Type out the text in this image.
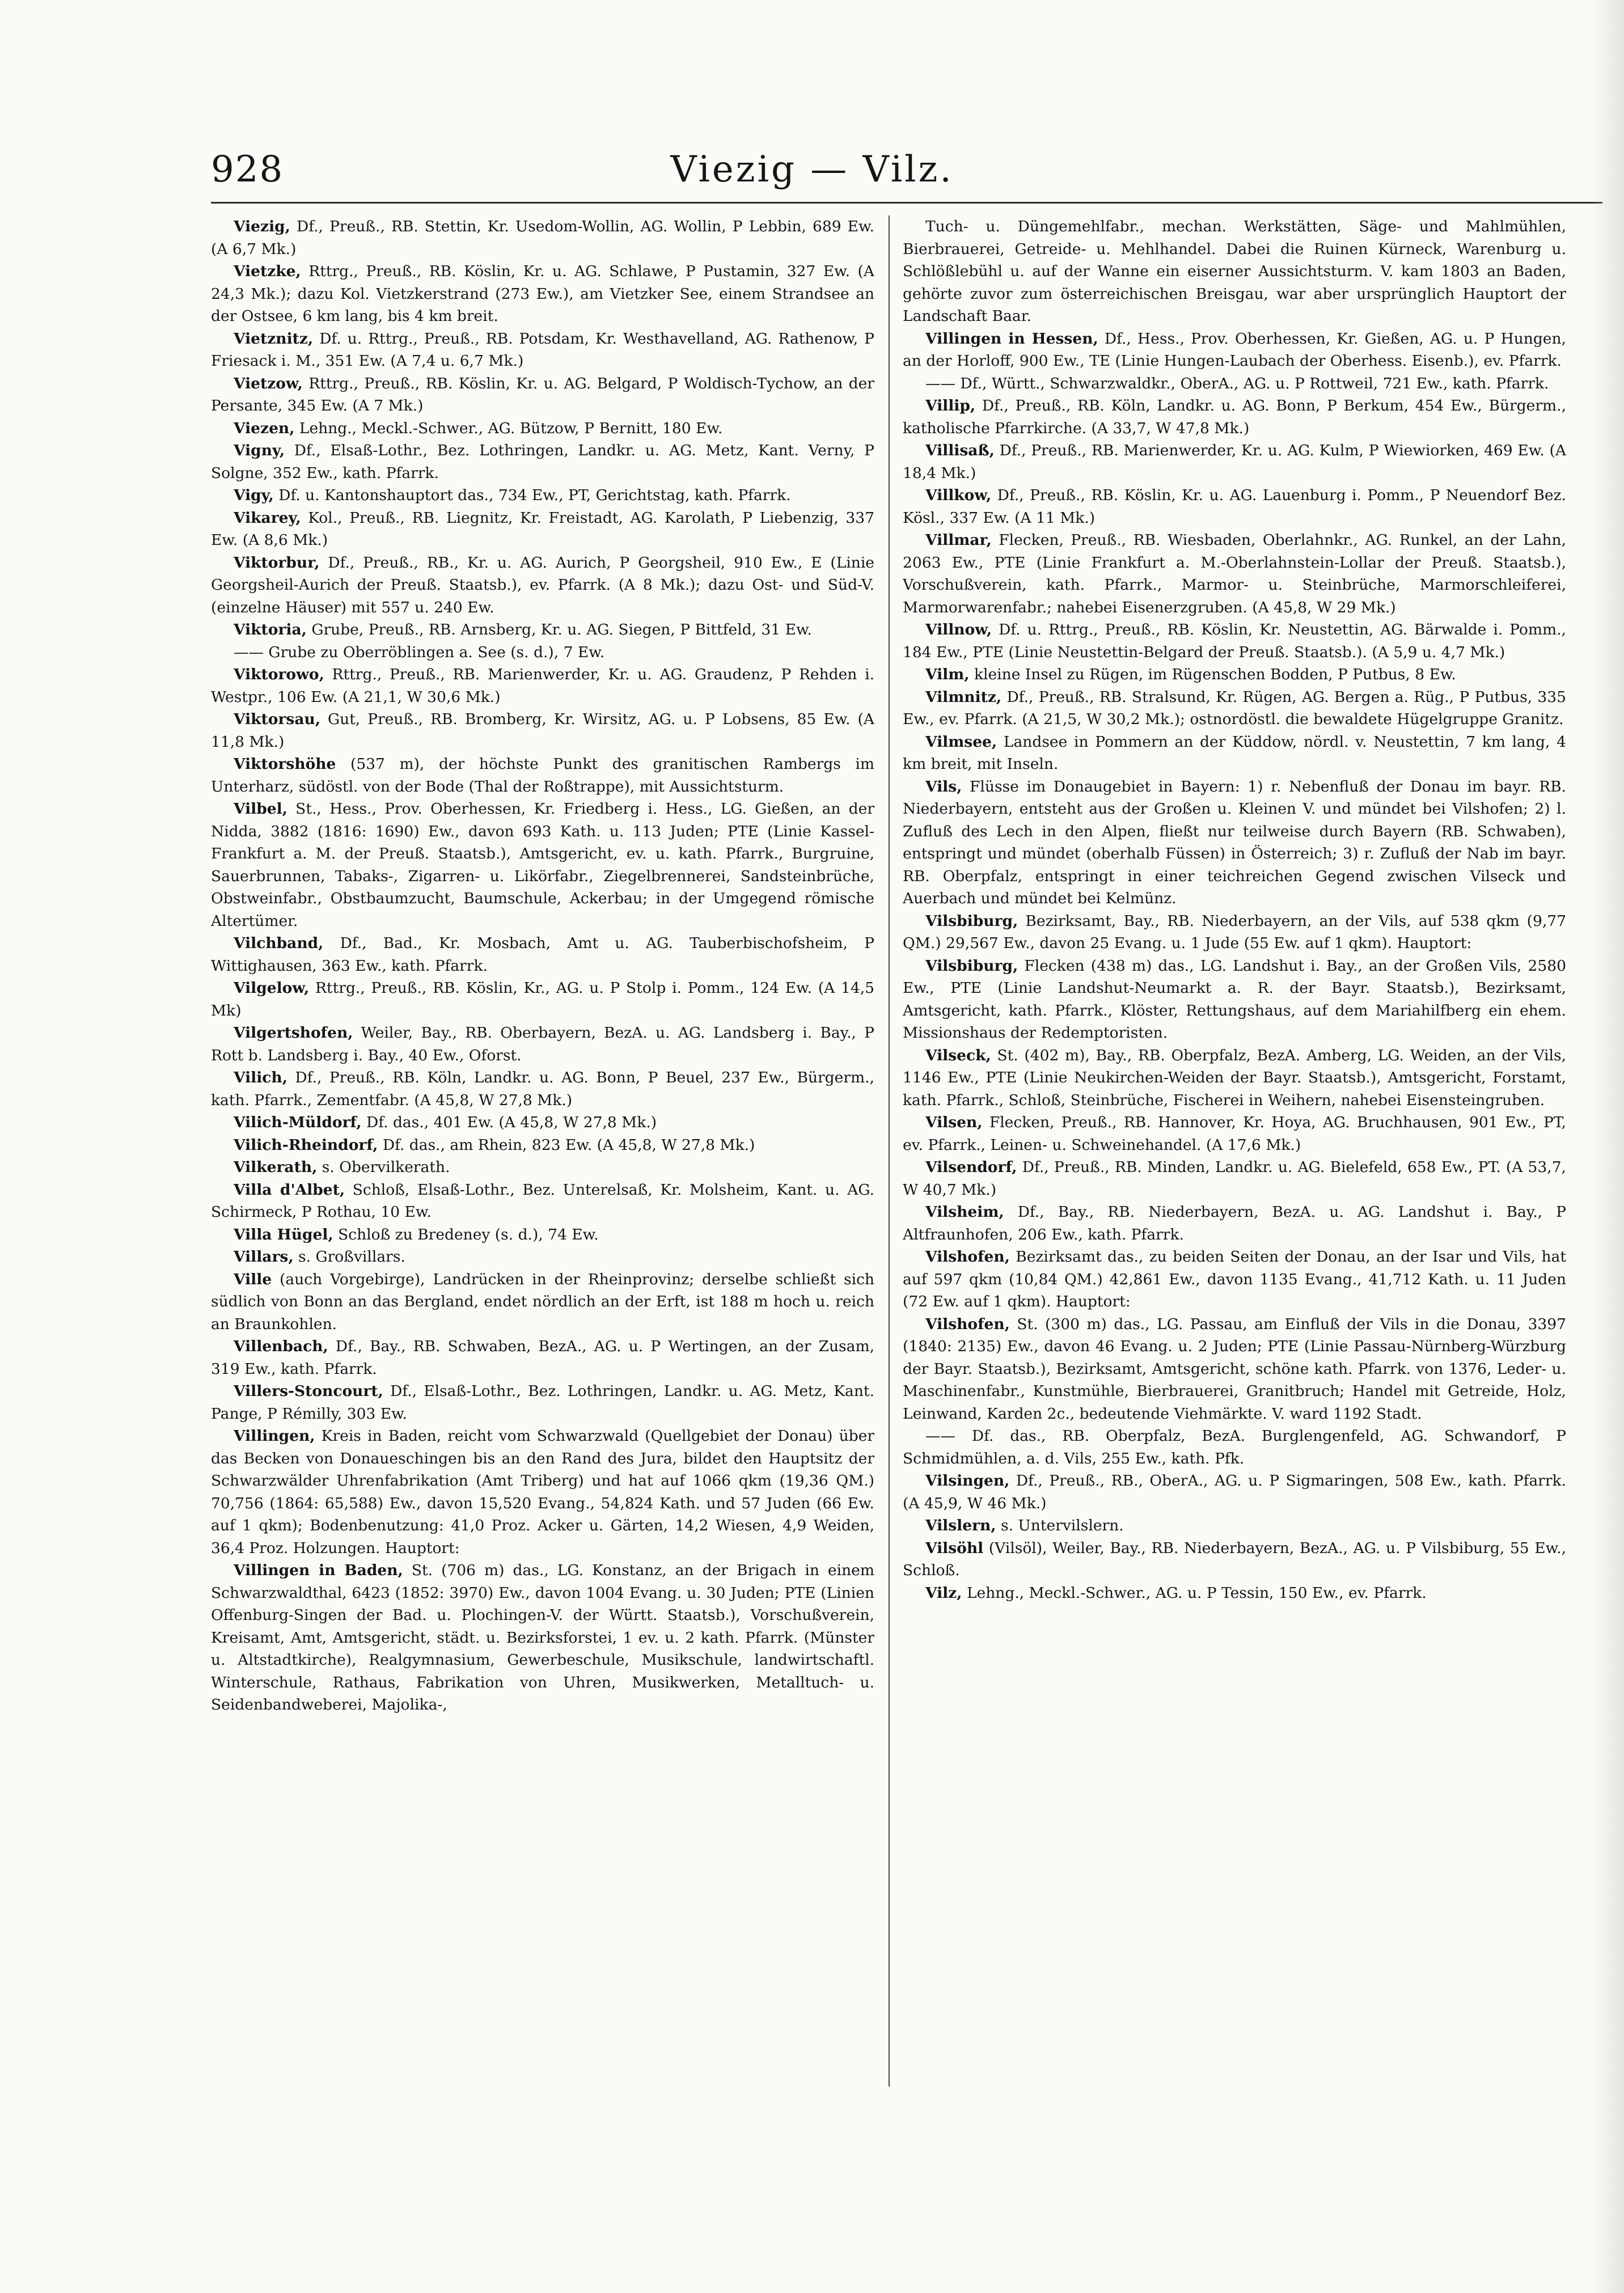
928	Viezig — Vilz.

Viezig, Df., Preuß., RB. Stettin, Kr. Usedom-Wollin, AG. Wollin, P Lebbin, 689 Ew. (A 6,7 Mk.)

Vietzke, Rttrg., Preuß., RB. Köslin, Kr. u. AG. Schlawe, P Pustamin, 327 Ew. (A 24,3 Mk.); dazu Kol. Vietzkerstrand (273 Ew.), am Vietzker See, einem Strandsee an der Ostsee, 6 km lang, bis 4 km breit.

Vietznitz, Df. u. Rttrg., Preuß., RB. Potsdam, Kr. Westhavelland, AG. Rathenow, P Friesack i. M., 351 Ew. (A 7,4 u. 6,7 Mk.)

Vietzow, Rttrg., Preuß., RB. Köslin, Kr. u. AG. Belgard, P Woldisch-Tychow, an der Persante, 345 Ew. (A 7 Mk.)

Viezen, Lehng., Meckl.-Schwer., AG. Bützow, P Bernitt, 180 Ew.

Vigny, Df., Elsaß-Lothr., Bez. Lothringen, Landkr. u. AG. Metz, Kant. Verny, P Solgne, 352 Ew., kath. Pfarrk.

Vigy, Df. u. Kantonshauptort das., 734 Ew., PT, Gerichtstag, kath. Pfarrk.

Vikarey, Kol., Preuß., RB. Liegnitz, Kr. Freistadt, AG. Karolath, P Liebenzig, 337 Ew. (A 8,6 Mk.)

Viktorbur, Df., Preuß., RB., Kr. u. AG. Aurich, P Georgsheil, 910 Ew., E (Linie Georgsheil-Aurich der Preuß. Staatsb.), ev. Pfarrk. (A 8 Mk.); dazu Ost- und Süd-V. (einzelne Häuser) mit 557 u. 240 Ew.

Viktoria, Grube, Preuß., RB. Arnsberg, Kr. u. AG. Siegen, P Bittfeld, 31 Ew.

—— Grube zu Oberröblingen a. See (s. d.), 7 Ew.

Viktorowo, Rttrg., Preuß., RB. Marienwerder, Kr. u. AG. Graudenz, P Rehden i. Westpr., 106 Ew. (A 21,1, W 30,6 Mk.)

Viktorsau, Gut, Preuß., RB. Bromberg, Kr. Wirsitz, AG. u. P Lobsens, 85 Ew. (A 11,8 Mk.)

Viktorshöhe (537 m), der höchste Punkt des granitischen Rambergs im Unterharz, südöstl. von der Bode (Thal der Roßtrappe), mit Aussichtsturm.

Vilbel, St., Hess., Prov. Oberhessen, Kr. Friedberg i. Hess., LG. Gießen, an der Nidda, 3882 (1816: 1690) Ew., davon 693 Kath. u. 113 Juden; PTE (Linie Kassel-Frankfurt a. M. der Preuß. Staatsb.), Amtsgericht, ev. u. kath. Pfarrk., Burgruine, Sauerbrunnen, Tabaks-, Zigarren- u. Likörfabr., Ziegelbrennerei, Sandsteinbrüche, Obstweinfabr., Obstbaumzucht, Baumschule, Ackerbau; in der Umgegend römische Altertümer.

Vilchband, Df., Bad., Kr. Mosbach, Amt u. AG. Tauberbischofsheim, P Wittighausen, 363 Ew., kath. Pfarrk.

Vilgelow, Rttrg., Preuß., RB. Köslin, Kr., AG. u. P Stolp i. Pomm., 124 Ew. (A 14,5 Mk)

Vilgertshofen, Weiler, Bay., RB. Oberbayern, BezA. u. AG. Landsberg i. Bay., P Rott b. Landsberg i. Bay., 40 Ew., Oforst.

Vilich, Df., Preuß., RB. Köln, Landkr. u. AG. Bonn, P Beuel, 237 Ew., Bürgerm., kath. Pfarrk., Zementfabr. (A 45,8, W 27,8 Mk.)

Vilich-Müldorf, Df. das., 401 Ew. (A 45,8, W 27,8 Mk.)

Vilich-Rheindorf, Df. das., am Rhein, 823 Ew. (A 45,8, W 27,8 Mk.)

Vilkerath, s. Obervilkerath.

Villa d'Albet, Schloß, Elsaß-Lothr., Bez. Unterelsaß, Kr. Molsheim, Kant. u. AG. Schirmeck, P Rothau, 10 Ew.

Villa Hügel, Schloß zu Bredeney (s. d.), 74 Ew.

Villars, s. Großvillars.

Ville (auch Vorgebirge), Landrücken in der Rheinprovinz; derselbe schließt sich südlich von Bonn an das Bergland, endet nördlich an der Erft, ist 188 m hoch u. reich an Braunkohlen.

Villenbach, Df., Bay., RB. Schwaben, BezA., AG. u. P Wertingen, an der Zusam, 319 Ew., kath. Pfarrk.

Villers-Stoncourt, Df., Elsaß-Lothr., Bez. Lothringen, Landkr. u. AG. Metz, Kant. Pange, P Rémilly, 303 Ew.

Villingen, Kreis in Baden, reicht vom Schwarzwald (Quellgebiet der Donau) über das Becken von Donaueschingen bis an den Rand des Jura, bildet den Hauptsitz der Schwarzwälder Uhrenfabrikation (Amt Triberg) und hat auf 1066 qkm (19,36 QM.) 70,756 (1864: 65,588) Ew., davon 15,520 Evang., 54,824 Kath. und 57 Juden (66 Ew. auf 1 qkm); Bodenbenutzung: 41,0 Proz. Acker u. Gärten, 14,2 Wiesen, 4,9 Weiden, 36,4 Proz. Holzungen. Hauptort:

Villingen in Baden, St. (706 m) das., LG. Konstanz, an der Brigach in einem Schwarzwaldthal, 6423 (1852: 3970) Ew., davon 1004 Evang. u. 30 Juden; PTE (Linien Offenburg-Singen der Bad. u. Plochingen-V. der Württ. Staatsb.), Vorschußverein, Kreisamt, Amt, Amtsgericht, städt. u. Bezirksforstei, 1 ev. u. 2 kath. Pfarrk. (Münster u. Altstadtkirche), Realgymnasium, Gewerbeschule, Musikschule, landwirtschaftl. Winterschule, Rathaus, Fabrikation von Uhren, Musikwerken, Metalltuch- u. Seidenbandweberei, Majolika-,

Tuch- u. Düngemehlfabr., mechan. Werkstätten, Säge- und Mahlmühlen, Bierbrauerei, Getreide- u. Mehlhandel. Dabei die Ruinen Kürneck, Warenburg u. Schlößlebühl u. auf der Wanne ein eiserner Aussichtsturm. V. kam 1803 an Baden, gehörte zuvor zum österreichischen Breisgau, war aber ursprünglich Hauptort der Landschaft Baar.

Villingen in Hessen, Df., Hess., Prov. Oberhessen, Kr. Gießen, AG. u. P Hungen, an der Horloff, 900 Ew., TE (Linie Hungen-Laubach der Oberhess. Eisenb.), ev. Pfarrk.

—— Df., Württ., Schwarzwaldkr., OberA., AG. u. P Rottweil, 721 Ew., kath. Pfarrk.

Villip, Df., Preuß., RB. Köln, Landkr. u. AG. Bonn, P Berkum, 454 Ew., Bürgerm., katholische Pfarrkirche. (A 33,7, W 47,8 Mk.)

Villisaß, Df., Preuß., RB. Marienwerder, Kr. u. AG. Kulm, P Wiewiorken, 469 Ew. (A 18,4 Mk.)

Villkow, Df., Preuß., RB. Köslin, Kr. u. AG. Lauenburg i. Pomm., P Neuendorf Bez. Kösl., 337 Ew. (A 11 Mk.)

Villmar, Flecken, Preuß., RB. Wiesbaden, Oberlahnkr., AG. Runkel, an der Lahn, 2063 Ew., PTE (Linie Frankfurt a. M.-Oberlahnstein-Lollar der Preuß. Staatsb.), Vorschußverein, kath. Pfarrk., Marmor- u. Steinbrüche, Marmorschleiferei, Marmorwarenfabr.; nahebei Eisenerzgruben. (A 45,8, W 29 Mk.)

Villnow, Df. u. Rttrg., Preuß., RB. Köslin, Kr. Neustettin, AG. Bärwalde i. Pomm., 184 Ew., PTE (Linie Neustettin-Belgard der Preuß. Staatsb.). (A 5,9 u. 4,7 Mk.)

Vilm, kleine Insel zu Rügen, im Rügenschen Bodden, P Putbus, 8 Ew.

Vilmnitz, Df., Preuß., RB. Stralsund, Kr. Rügen, AG. Bergen a. Rüg., P Putbus, 335 Ew., ev. Pfarrk. (A 21,5, W 30,2 Mk.); ostnordöstl. die bewaldete Hügelgruppe Granitz.

Vilmsee, Landsee in Pommern an der Küddow, nördl. v. Neustettin, 7 km lang, 4 km breit, mit Inseln.

Vils, Flüsse im Donaugebiet in Bayern: 1) r. Nebenfluß der Donau im bayr. RB. Niederbayern, entsteht aus der Großen u. Kleinen V. und mündet bei Vilshofen; 2) l. Zufluß des Lech in den Alpen, fließt nur teilweise durch Bayern (RB. Schwaben), entspringt und mündet (oberhalb Füssen) in Österreich; 3) r. Zufluß der Nab im bayr. RB. Oberpfalz, entspringt in einer teichreichen Gegend zwischen Vilseck und Auerbach und mündet bei Kelmünz.

Vilsbiburg, Bezirksamt, Bay., RB. Niederbayern, an der Vils, auf 538 qkm (9,77 QM.) 29,567 Ew., davon 25 Evang. u. 1 Jude (55 Ew. auf 1 qkm). Hauptort:

Vilsbiburg, Flecken (438 m) das., LG. Landshut i. Bay., an der Großen Vils, 2580 Ew., PTE (Linie Landshut-Neumarkt a. R. der Bayr. Staatsb.), Bezirksamt, Amtsgericht, kath. Pfarrk., Klöster, Rettungshaus, auf dem Mariahilfberg ein ehem. Missionshaus der Redemptoristen.

Vilseck, St. (402 m), Bay., RB. Oberpfalz, BezA. Amberg, LG. Weiden, an der Vils, 1146 Ew., PTE (Linie Neukirchen-Weiden der Bayr. Staatsb.), Amtsgericht, Forstamt, kath. Pfarrk., Schloß, Steinbrüche, Fischerei in Weihern, nahebei Eisensteingruben.

Vilsen, Flecken, Preuß., RB. Hannover, Kr. Hoya, AG. Bruchhausen, 901 Ew., PT, ev. Pfarrk., Leinen- u. Schweinehandel. (A 17,6 Mk.)

Vilsendorf, Df., Preuß., RB. Minden, Landkr. u. AG. Bielefeld, 658 Ew., PT. (A 53,7, W 40,7 Mk.)

Vilsheim, Df., Bay., RB. Niederbayern, BezA. u. AG. Landshut i. Bay., P Altfraunhofen, 206 Ew., kath. Pfarrk.

Vilshofen, Bezirksamt das., zu beiden Seiten der Donau, an der Isar und Vils, hat auf 597 qkm (10,84 QM.) 42,861 Ew., davon 1135 Evang., 41,712 Kath. u. 11 Juden (72 Ew. auf 1 qkm). Hauptort:

Vilshofen, St. (300 m) das., LG. Passau, am Einfluß der Vils in die Donau, 3397 (1840: 2135) Ew., davon 46 Evang. u. 2 Juden; PTE (Linie Passau-Nürnberg-Würzburg der Bayr. Staatsb.), Bezirksamt, Amtsgericht, schöne kath. Pfarrk. von 1376, Leder- u. Maschinenfabr., Kunstmühle, Bierbrauerei, Granitbruch; Handel mit Getreide, Holz, Leinwand, Karden 2c., bedeutende Viehmärkte. V. ward 1192 Stadt.

—— Df. das., RB. Oberpfalz, BezA. Burglengenfeld, AG. Schwandorf, P Schmidmühlen, a. d. Vils, 255 Ew., kath. Pfk.

Vilsingen, Df., Preuß., RB., OberA., AG. u. P Sigmaringen, 508 Ew., kath. Pfarrk. (A 45,9, W 46 Mk.)

Vilslern, s. Untervilslern.

Vilsöhl (Vilsöl), Weiler, Bay., RB. Niederbayern, BezA., AG. u. P Vilsbiburg, 55 Ew., Schloß.

Vilz, Lehng., Meckl.-Schwer., AG. u. P Tessin, 150 Ew., ev. Pfarrk.
